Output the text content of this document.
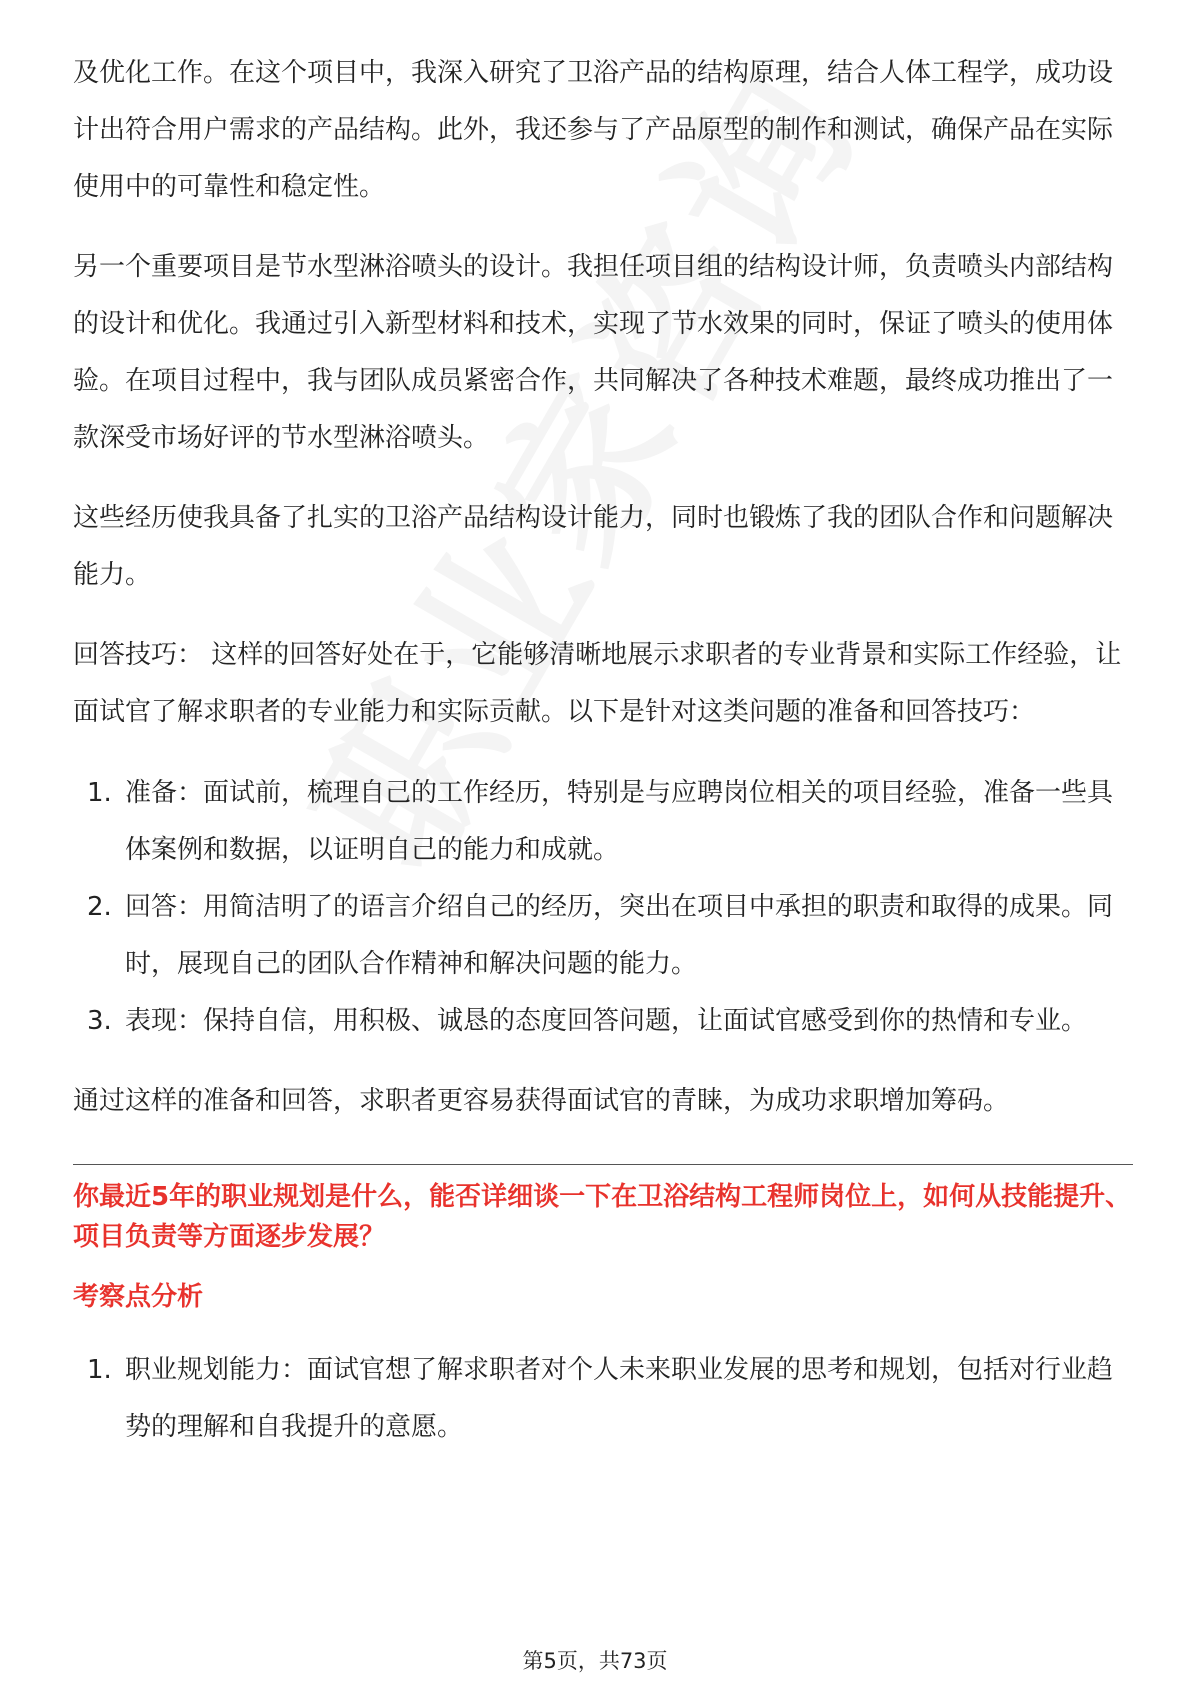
及优化工作。在这个项目中，我深入研究了卫浴产品的结构原理，结合人体工程学，成功设计出符合用户需求的产品结构。此外，我还参与了产品原型的制作和测试，确保产品在实际使用中的可靠性和稳定性。

另一个重要项目是节水型淋浴喷头的设计。我担任项目组的结构设计师，负责喷头内部结构的设计和优化。我通过引入新型材料和技术，实现了节水效果的同时，保证了喷头的使用体验。在项目过程中，我与团队成员紧密合作，共同解决了各种技术难题，最终成功推出了一款深受市场好评的节水型淋浴喷头。

这些经历使我具备了扎实的卫浴产品结构设计能力，同时也锻炼了我的团队合作和问题解决能力。

回答技巧： 这样的回答好处在于，它能够清晰地展示求职者的专业背景和实际工作经验，让面试官了解求职者的专业能力和实际贡献。以下是针对这类问题的准备和回答技巧：

1. 准备：面试前，梳理自己的工作经历，特别是与应聘岗位相关的项目经验，准备一些具体案例和数据，以证明自己的能力和成就。
2. 回答：用简洁明了的语言介绍自己的经历，突出在项目中承担的职责和取得的成果。同时，展现自己的团队合作精神和解决问题的能力。
3. 表现：保持自信，用积极、诚恳的态度回答问题，让面试官感受到你的热情和专业。

通过这样的准备和回答，求职者更容易获得面试官的青睐，为成功求职增加筹码。

你最近5年的职业规划是什么，能否详细谈一下在卫浴结构工程师岗位上，如何从技能提升、项目负责等方面逐步发展？
考察点分析
1. 职业规划能力：面试官想了解求职者对个人未来职业发展的思考和规划，包括对行业趋势的理解和自我提升的意愿。
第5页，共73页
